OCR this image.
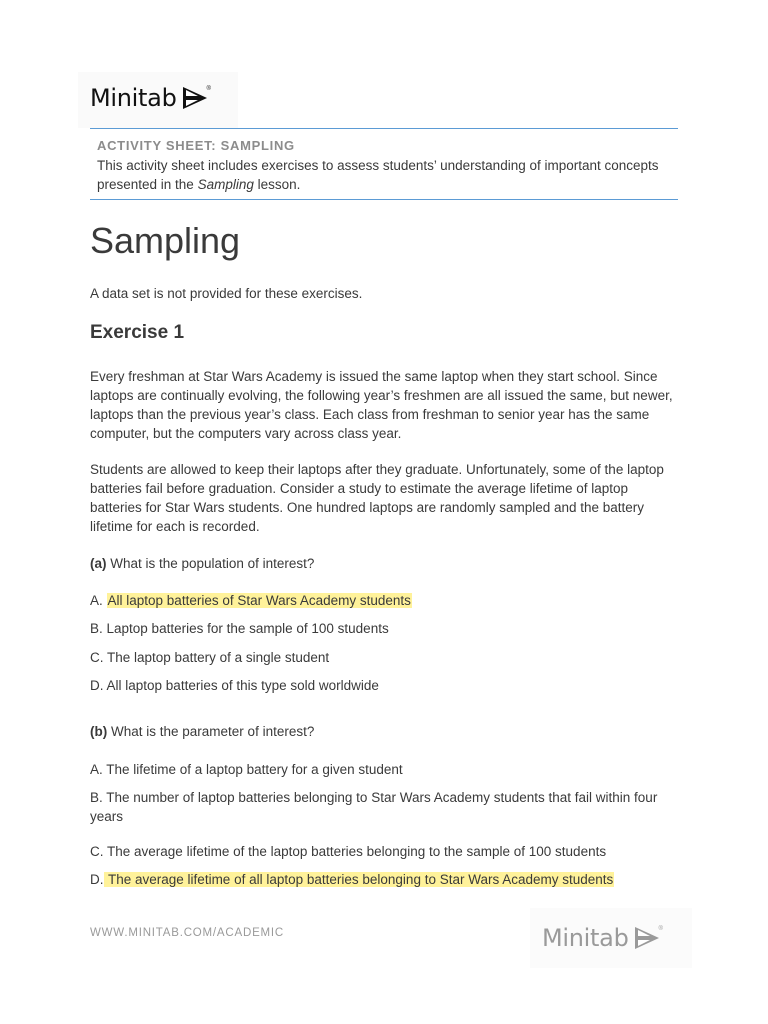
Minitab	®
ACTIVITY SHEET: SAMPLING
This activity sheet includes exercises to assess students’ understanding of important concepts presented in the Sampling lesson.
Sampling
A data set is not provided for these exercises.
Exercise 1
Every freshman at Star Wars Academy is issued the same laptop when they start school. Since laptops are continually evolving, the following year’s freshmen are all issued the same, but newer, laptops than the previous year’s class. Each class from freshman to senior year has the same computer, but the computers vary across class year.
Students are allowed to keep their laptops after they graduate. Unfortunately, some of the laptop batteries fail before graduation. Consider a study to estimate the average lifetime of laptop batteries for Star Wars students. One hundred laptops are randomly sampled and the battery lifetime for each is recorded.
(a) What is the population of interest?
A. All laptop batteries of Star Wars Academy students
B. Laptop batteries for the sample of 100 students
C. The laptop battery of a single student
D. All laptop batteries of this type sold worldwide
(b) What is the parameter of interest?
A. The lifetime of a laptop battery for a given student
B. The number of laptop batteries belonging to Star Wars Academy students that fail within four years
C. The average lifetime of the laptop batteries belonging to the sample of 100 students
D. The average lifetime of all laptop batteries belonging to Star Wars Academy students
WWW.MINITAB.COM/ACADEMIC	Minitab	®
